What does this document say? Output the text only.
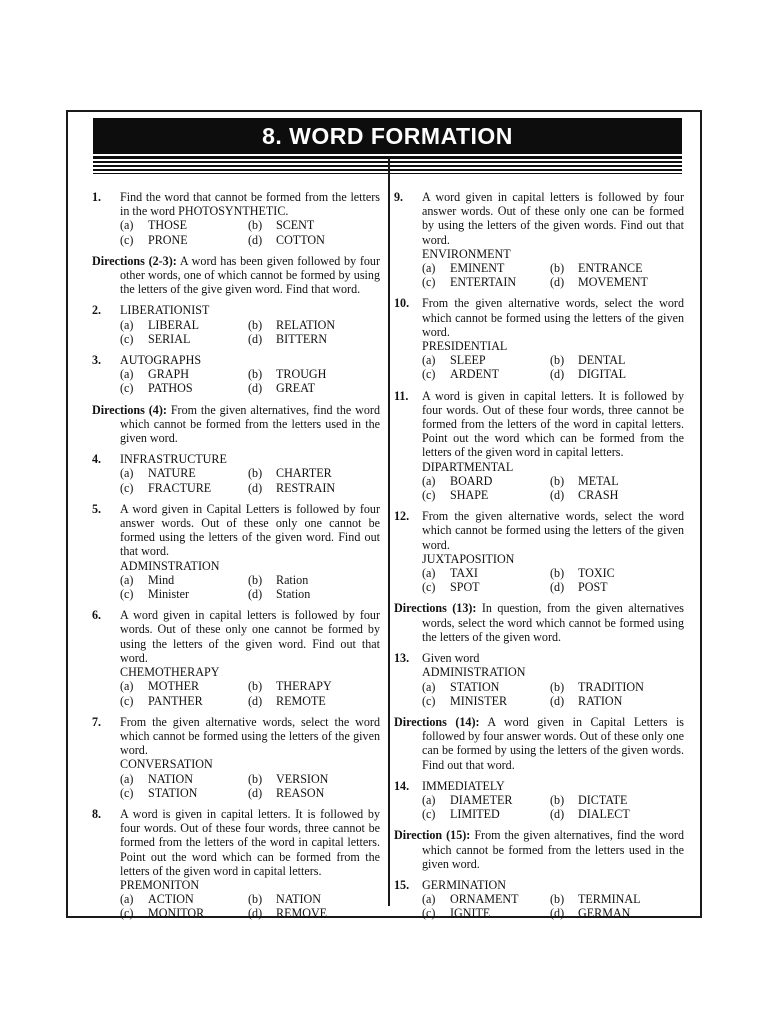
8. WORD FORMATION
1.	Find the word that cannot be formed from the letters in the word PHOTOSYNTHETIC.
(a)	THOSE	(b)	SCENT
(c)	PRONE	(d)	COTTON
Directions (2-3): A word has been given followed by four other words, one of which cannot be formed by using the letters of the give given word. Find that word.
2.	LIBERATIONIST
(a)	LIBERAL	(b)	RELATION
(c)	SERIAL	(d)	BITTERN
3.	AUTOGRAPHS
(a)	GRAPH	(b)	TROUGH
(c)	PATHOS	(d)	GREAT
Directions (4): From the given alternatives, find the word which cannot be formed from the letters used in the given word.
4.	INFRASTRUCTURE
(a)	NATURE	(b)	CHARTER
(c)	FRACTURE	(d)	RESTRAIN
5.	A word given in Capital Letters is followed by four answer words. Out of these only one cannot be formed using the letters of the given word. Find out that word.
ADMINSTRATION
(a)	Mind	(b)	Ration
(c)	Minister	(d)	Station
6.	A word given in capital letters is followed by four words. Out of these only one cannot be formed by using the letters of the given word. Find out that word.
CHEMOTHERAPY
(a)	MOTHER	(b)	THERAPY
(c)	PANTHER	(d)	REMOTE
7.	From the given alternative words, select the word which cannot be formed using the letters of the given word.
CONVERSATION
(a)	NATION	(b)	VERSION
(c)	STATION	(d)	REASON
8.	A word is given in capital letters. It is followed by four words. Out of these four words, three cannot be formed from the letters of the word in capital letters. Point out the word which can be formed from the letters of the given word in capital letters.
PREMONITON
(a)	ACTION	(b)	NATION
(c)	MONITOR	(d)	REMOVE
9.	A word given in capital letters is followed by four answer words. Out of these only one can be formed by using the letters of the given words. Find out that word.
ENVIRONMENT
(a)	EMINENT	(b)	ENTRANCE
(c)	ENTERTAIN	(d)	MOVEMENT
10.	From the given alternative words, select the word which cannot be formed using the letters of the given word.
PRESIDENTIAL
(a)	SLEEP	(b)	DENTAL
(c)	ARDENT	(d)	DIGITAL
11.	A word is given in capital letters. It is followed by four words. Out of these four words, three cannot be formed from the letters of the word in capital letters. Point out the word which can be formed from the letters of the given word in capital letters.
DIPARTMENTAL
(a)	BOARD	(b)	METAL
(c)	SHAPE	(d)	CRASH
12.	From the given alternative words, select the word which cannot be formed using the letters of the given word.
JUXTAPOSITION
(a)	TAXI	(b)	TOXIC
(c)	SPOT	(d)	POST
Directions (13): In question, from the given alternatives words, select the word which cannot be formed using the letters of the given word.
13.	Given word
ADMINISTRATION
(a)	STATION	(b)	TRADITION
(c)	MINISTER	(d)	RATION
Directions (14): A word given in Capital Letters is followed by four answer words. Out of these only one can be formed by using the letters of the given words. Find out that word.
14.	IMMEDIATELY
(a)	DIAMETER	(b)	DICTATE
(c)	LIMITED	(d)	DIALECT
Direction (15): From the given alternatives, find the word which cannot be formed from the letters used in the given word.
15.	GERMINATION
(a)	ORNAMENT	(b)	TERMINAL
(c)	IGNITE	(d)	GERMAN
